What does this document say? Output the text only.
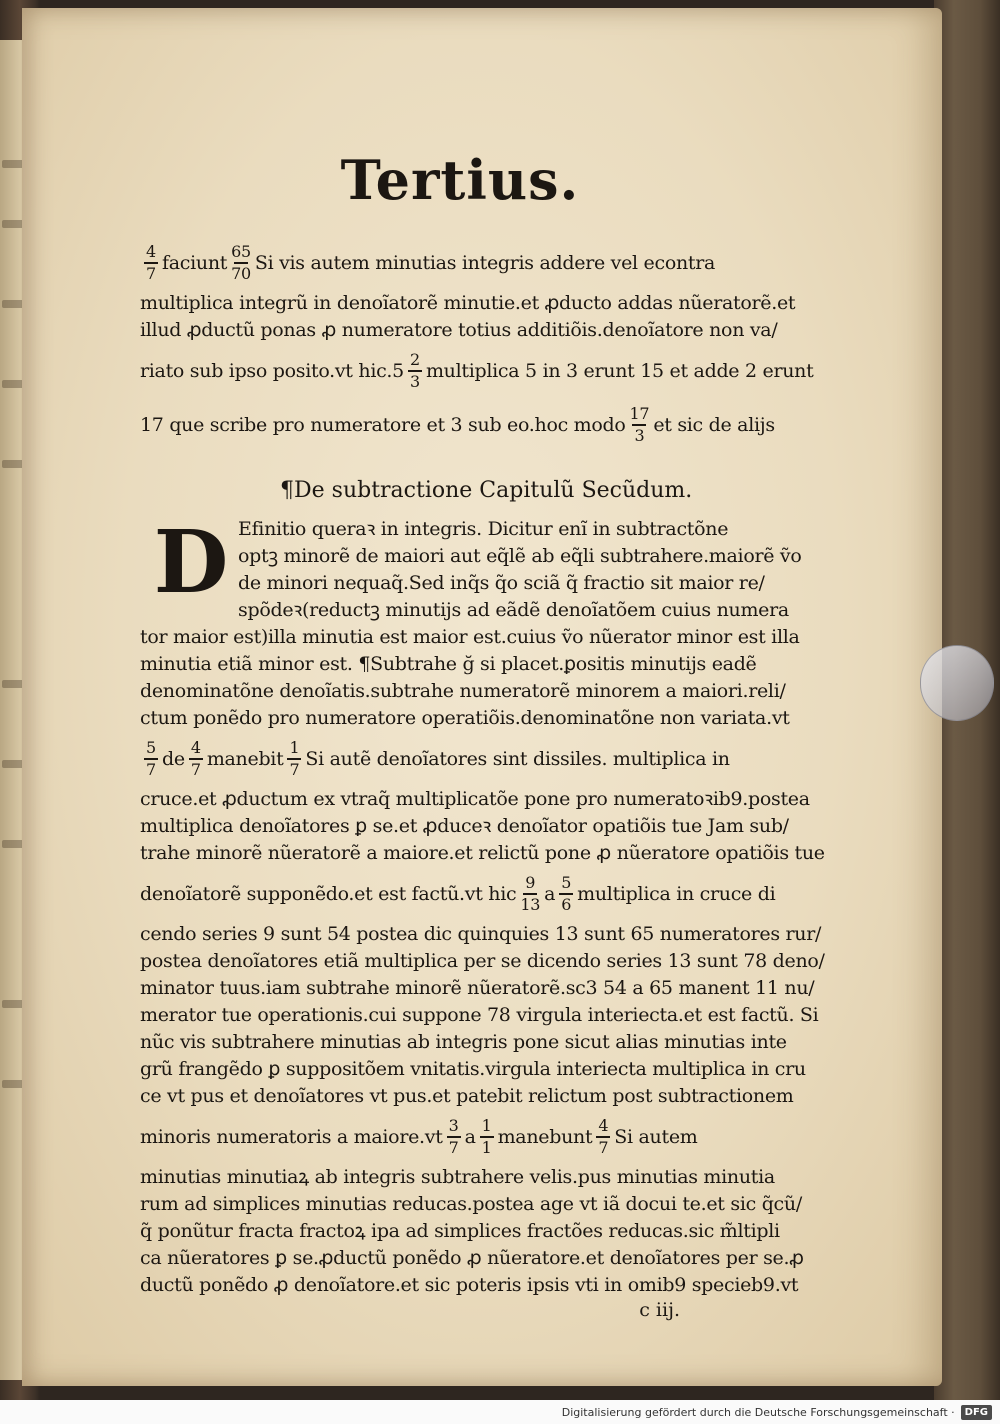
Tertius.
$\frac{4}{7}$ faciunt $\frac{65}{70}$ Si vis autem minutias integris addere vel econtra

multiplica integrũ in denoĩatorẽ minutie.et ꝓducto addas nũeratorẽ.et

illud ꝓductũ ponas ꝓ numeratore totius additiõis.denoĩatore non va/

riato sub ipso posito.vt $hic.5 \frac{2}{3}$ multiplica 5 in 3 erunt 15 et adde 2 erunt
17 que scribe pro numeratore et 3 sub eo.hoc modo $\frac{17}{3}$ et sic de alijs
¶De subtractione Capitulũ Secũdum.
D Efinitio queraꝛ in integris. Dicitur enĩ in subtractõne

optꝫ minorẽ de maiori aut eq̃lẽ ab eq̃li subtrahere.maiorẽ ṽo

de minori nequaq̃.Sed inq̃s q̃o sciã q̃ fractio sit maior re/

spõdeꝛ(reductꝫ minutijs ad eãdẽ denoĩatõem cuius numera

tor maior est)illa minutia est maior est.cuius ṽo nũerator minor est illa

minutia etiã minor est. ¶Subtrahe ğ si placet.ꝑositis minutijs eadẽ

denominatõne denoĩatis.subtrahe numeratorẽ minorem a maiori.reli/

ctum ponẽdo pro numeratore operatiõis.denominatõne non variata.vt

$\frac{5}{7}$ de $\frac{4}{7}$ manebit $\frac{1}{7}$ Si autẽ denoĩatores sint dissiles. multiplica in

cruce.et ꝓductum ex vtraq̃ multiplicatõe pone pro numeratoꝛib9.postea

multiplica denoĩatores ꝑ se.et ꝓduceꝛ denoĩator opatiõis tue Jam sub/

trahe minorẽ nũeratorẽ a maiore.et relictũ pone ꝓ nũeratore opatiõis tue

denoĩatorẽ supponẽdo.et est factũ.vt hic $\frac{9}{13}$ a $\frac{5}{6}$ multiplica in cruce di

cendo series 9 sunt 54 postea dic quinquies 13 sunt 65 numeratores rur/

postea denoĩatores etiã multiplica per se dicendo series 13 sunt 78 deno/

minator tuus.iam subtrahe minorẽ nũeratorẽ.sc3 54 a 65 manent 11 nu/

merator tue operationis.cui suppone 78 virgula interiecta.et est factũ. Si

nũc vis subtrahere minutias ab integris pone sicut alias minutias inte

grũ frangẽdo ꝑ suppositõem vnitatis.virgula interiecta multiplica in cru

ce vt pus et denoĩatores vt pus.et patebit relictum post subtractionem

minoris numeratoris a maiore.vt $\frac{3}{7}$ a $\frac{1}{1}$ manebunt $\frac{4}{7}$ Si autem

minutias minutiaꝝ ab integris subtrahere velis.pus minutias minutia

rum ad simplices minutias reducas.postea age vt iã docui te.et sic q̃cũ/

q̃ ponũtur fracta fractoꝝ ipa ad simplices fractões reducas.sic m̃ltipli

ca nũeratores ꝑ se.ꝓductũ ponẽdo ꝓ nũeratore.et denoĩatores per se.ꝓ

ductũ ponẽdo ꝓ denoĩatore.et sic poteris ipsis vti in omib9 specieb9.vt

c iij.
Digitalisierung gefördert durch die Deutsche Forschungsgemeinschaft ·	DFG
